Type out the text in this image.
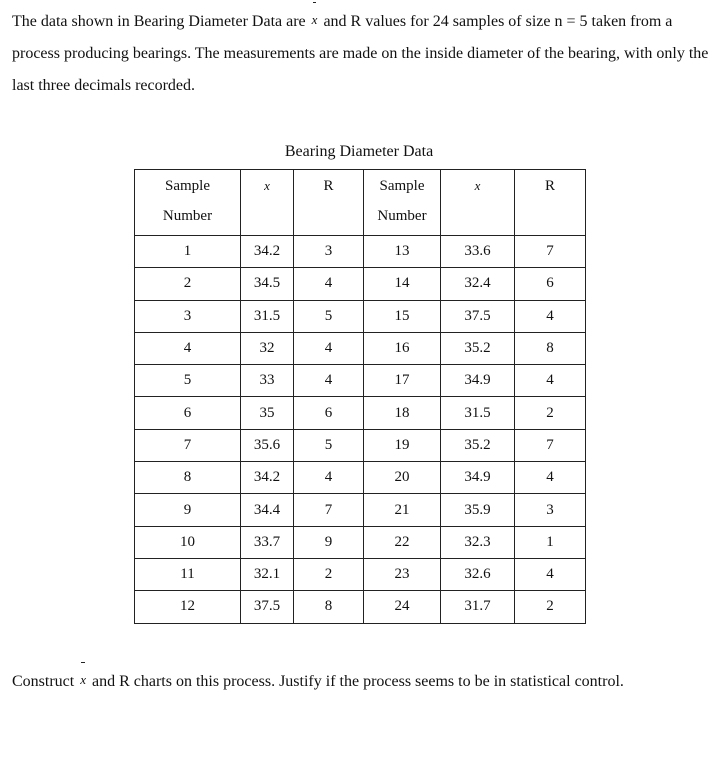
The data shown in Bearing Diameter Data are x and R values for 24 samples of size n = 5 taken from a process producing bearings. The measurements are made on the inside diameter of the bearing, with only the last three decimals recorded.

Bearing Diameter Data

Sample
Number	x	R	Sample
Number	x	R
1	34.2	3	13	33.6	7
2	34.5	4	14	32.4	6
3	31.5	5	15	37.5	4
4	32	4	16	35.2	8
5	33	4	17	34.9	4
6	35	6	18	31.5	2
7	35.6	5	19	35.2	7
8	34.2	4	20	34.9	4
9	34.4	7	21	35.9	3
10	33.7	9	22	32.3	1
11	32.1	2	23	32.6	4
12	37.5	8	24	31.7	2

Construct x and R charts on this process. Justify if the process seems to be in statistical control.
